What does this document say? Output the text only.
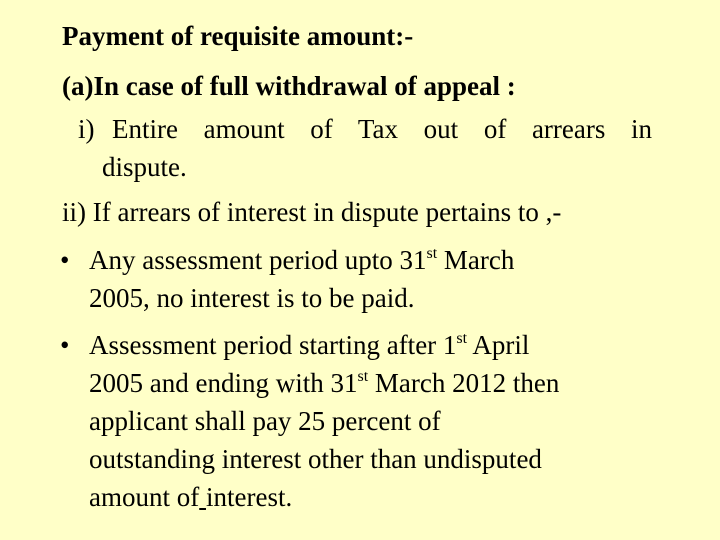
Payment of requisite amount:-
(a)In case of full withdrawal of appeal :
i) Entire amount of Tax out of arrears in
dispute.
ii) If arrears of interest in dispute pertains to ,-
• Any assessment period upto 31st March
2005, no interest is to be paid.
• Assessment period starting after 1st April
2005 and ending with 31st March 2012 then
applicant shall pay 25 percent of
outstanding interest other than undisputed
amount of interest.
